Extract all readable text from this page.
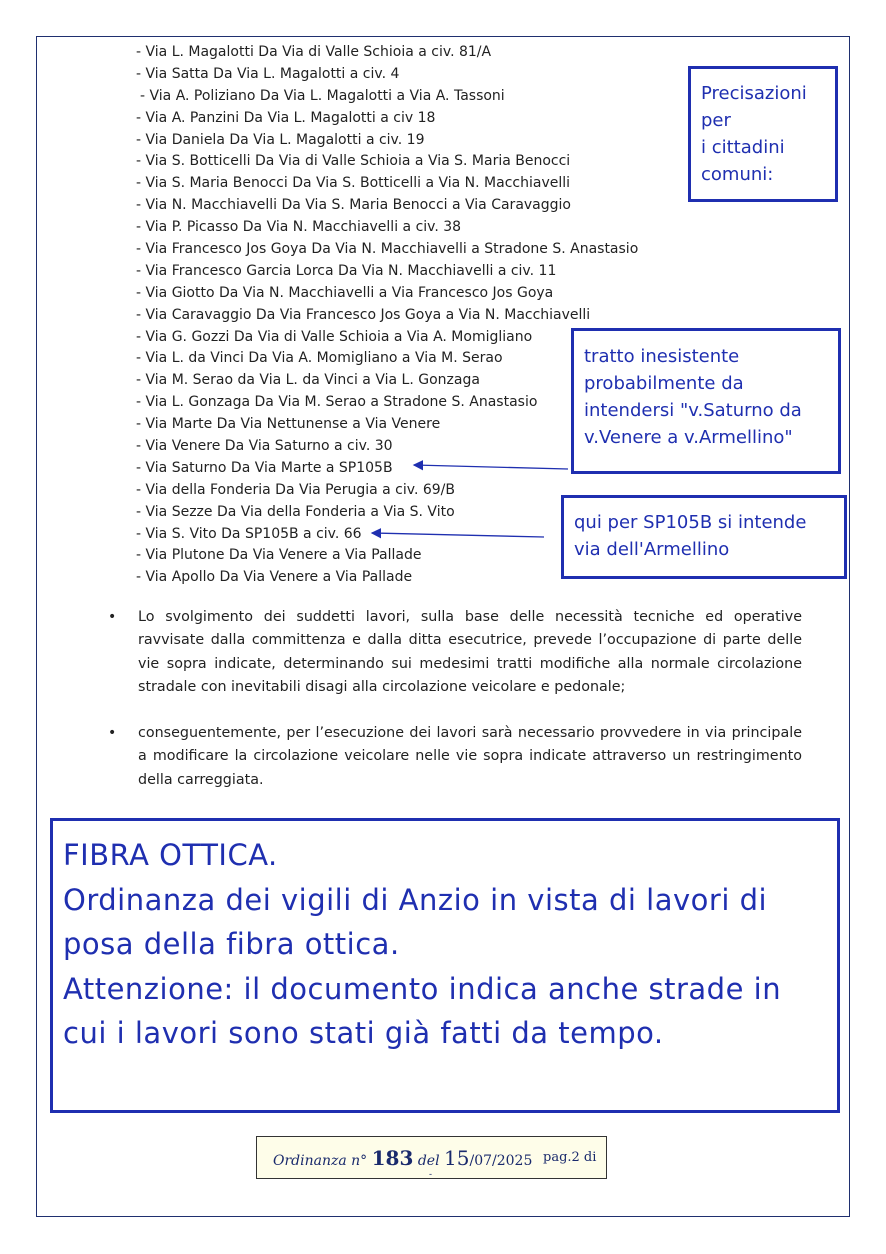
- Via L. Magalotti Da Via di Valle Schioia a civ. 81/A
- Via Satta Da Via L. Magalotti a civ. 4
- Via A. Poliziano Da Via L. Magalotti a Via A. Tassoni
- Via A. Panzini Da Via L. Magalotti a civ 18
- Via Daniela Da Via L. Magalotti a civ. 19
- Via S. Botticelli Da Via di Valle Schioia a Via S. Maria Benocci
- Via S. Maria Benocci Da Via S. Botticelli a Via N. Macchiavelli
- Via N. Macchiavelli Da Via S. Maria Benocci a Via Caravaggio
- Via P. Picasso Da Via N. Macchiavelli a civ. 38
- Via Francesco Jos Goya Da Via N. Macchiavelli a Stradone S. Anastasio
- Via Francesco Garcia Lorca Da Via N. Macchiavelli a civ. 11
- Via Giotto Da Via N. Macchiavelli a Via Francesco Jos Goya
- Via Caravaggio Da Via Francesco Jos Goya a Via N. Macchiavelli
- Via G. Gozzi Da Via di Valle Schioia a Via A. Momigliano
- Via L. da Vinci Da Via A. Momigliano a Via M. Serao
- Via M. Serao da Via L. da Vinci a Via L. Gonzaga
- Via L. Gonzaga Da Via M. Serao a Stradone S. Anastasio
- Via Marte Da Via Nettunense a Via Venere
- Via Venere Da Via Saturno a civ. 30
- Via Saturno Da Via Marte a SP105B
- Via della Fonderia Da Via Perugia a civ. 69/B
- Via Sezze Da Via della Fonderia a Via S. Vito
- Via S. Vito Da SP105B a civ. 66
- Via Plutone Da Via Venere a Via Pallade
- Via Apollo Da Via Venere a Via Pallade
Precisazioni
per
i cittadini
comuni:
tratto inesistente
probabilmente da
intendersi "v.Saturno da
v.Venere a v.Armellino"
qui per SP105B si intende
via dell'Armellino
• Lo svolgimento dei suddetti lavori, sulla base delle necessità tecniche ed operative ravvisate dalla committenza e dalla ditta esecutrice, prevede l’occupazione di parte delle vie sopra indicate, determinando sui medesimi tratti modifiche alla normale circolazione stradale con inevitabili disagi alla circolazione veicolare e pedonale;
• conseguentemente, per l’esecuzione dei lavori sarà necessario provvedere in via principale a modificare la circolazione veicolare nelle vie sopra indicate attraverso un restringimento della carreggiata.
FIBRA OTTICA.
Ordinanza dei vigili di Anzio in vista di lavori di
posa della fibra ottica.
Attenzione: il documento indica anche strade in
cui i lavori sono stati già fatti da tempo.
Ordinanza n° 183 del 15/07/2025 pag.2 di
-
